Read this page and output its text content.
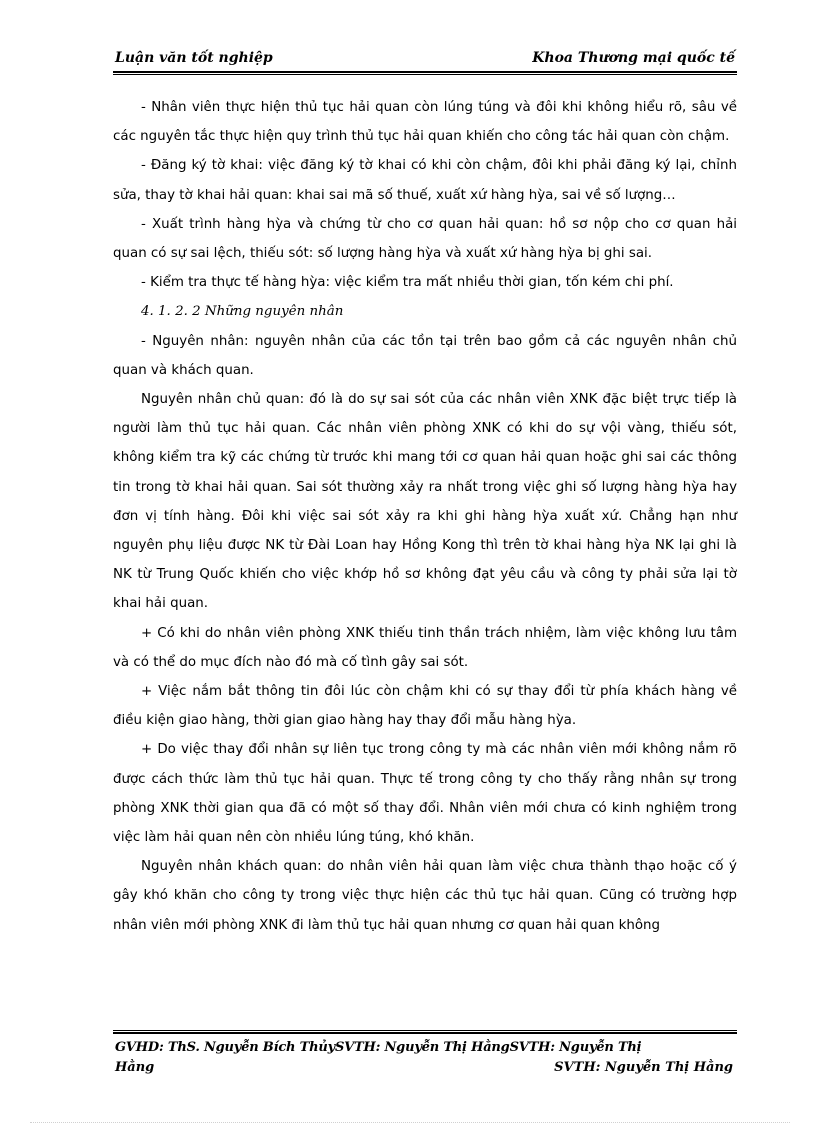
Luận văn tốt nghiệp	Khoa Thương mại quốc tế

- Nhân viên thực hiện thủ tục hải quan còn lúng túng và đôi khi không hiểu rõ, sâu về các nguyên tắc thực hiện quy trình thủ tục hải quan khiến cho công tác hải quan còn chậm.

- Đăng ký tờ khai: việc đăng ký tờ khai có khi còn chậm, đôi khi phải đăng ký lại, chỉnh sửa, thay tờ khai hải quan: khai sai mã số thuế, xuất xứ hàng hỳa, sai về số lượng…

- Xuất trình hàng hỳa và chứng từ cho cơ quan hải quan: hồ sơ nộp cho cơ quan hải quan có sự sai lệch, thiếu sót: số lượng hàng hỳa và xuất xứ hàng hỳa bị ghi sai.

- Kiểm tra thực tế hàng hỳa: việc kiểm tra mất nhiều thời gian, tốn kém chi phí.

4. 1. 2. 2 Những nguyên nhân

- Nguyên nhân: nguyên nhân của các tồn tại trên bao gồm cả các nguyên nhân chủ quan và khách quan.

Nguyên nhân chủ quan: đó là do sự sai sót của các nhân viên XNK đặc biệt trực tiếp là người làm thủ tục hải quan. Các nhân viên phòng XNK có khi do sự vội vàng, thiếu sót, không kiểm tra kỹ các chứng từ trước khi mang tới cơ quan hải quan hoặc ghi sai các thông tin trong tờ khai hải quan. Sai sót thường xảy ra nhất trong việc ghi số lượng hàng hỳa hay đơn vị tính hàng. Đôi khi việc sai sót xảy ra khi ghi hàng hỳa xuất xứ. Chẳng hạn như nguyên phụ liệu được NK từ Đài Loan hay Hồng Kong thì trên tờ khai hàng hỳa NK lại ghi là NK từ Trung Quốc khiến cho việc khớp hồ sơ không đạt yêu cầu và công ty phải sửa lại tờ khai hải quan.

+ Có khi do nhân viên phòng XNK thiếu tinh thần trách nhiệm, làm việc không lưu tâm và có thể do mục đích nào đó mà cố tình gây sai sót.

+ Việc nắm bắt thông tin đôi lúc còn chậm khi có sự thay đổi từ phía khách hàng về điều kiện giao hàng, thời gian giao hàng hay thay đổi mẫu hàng hỳa.

+ Do việc thay đổi nhân sự liên tục trong công ty mà các nhân viên mới không nắm rõ được cách thức làm thủ tục hải quan. Thực tế trong công ty cho thấy rằng nhân sự trong phòng XNK thời gian qua đã có một số thay đổi. Nhân viên mới chưa có kinh nghiệm trong việc làm hải quan nên còn nhiều lúng túng, khó khăn.

Nguyên nhân khách quan: do nhân viên hải quan làm việc chưa thành thạo hoặc cố ý gây khó khăn cho công ty trong việc thực hiện các thủ tục hải quan. Cũng có trường hợp nhân viên mới phòng XNK đi làm thủ tục hải quan nhưng cơ quan hải quan không

GVHD: ThS. Nguyễn Bích ThủySVTH: Nguyễn Thị HằngSVTH: Nguyễn Thị
Hằng	SVTH: Nguyễn Thị Hằng
